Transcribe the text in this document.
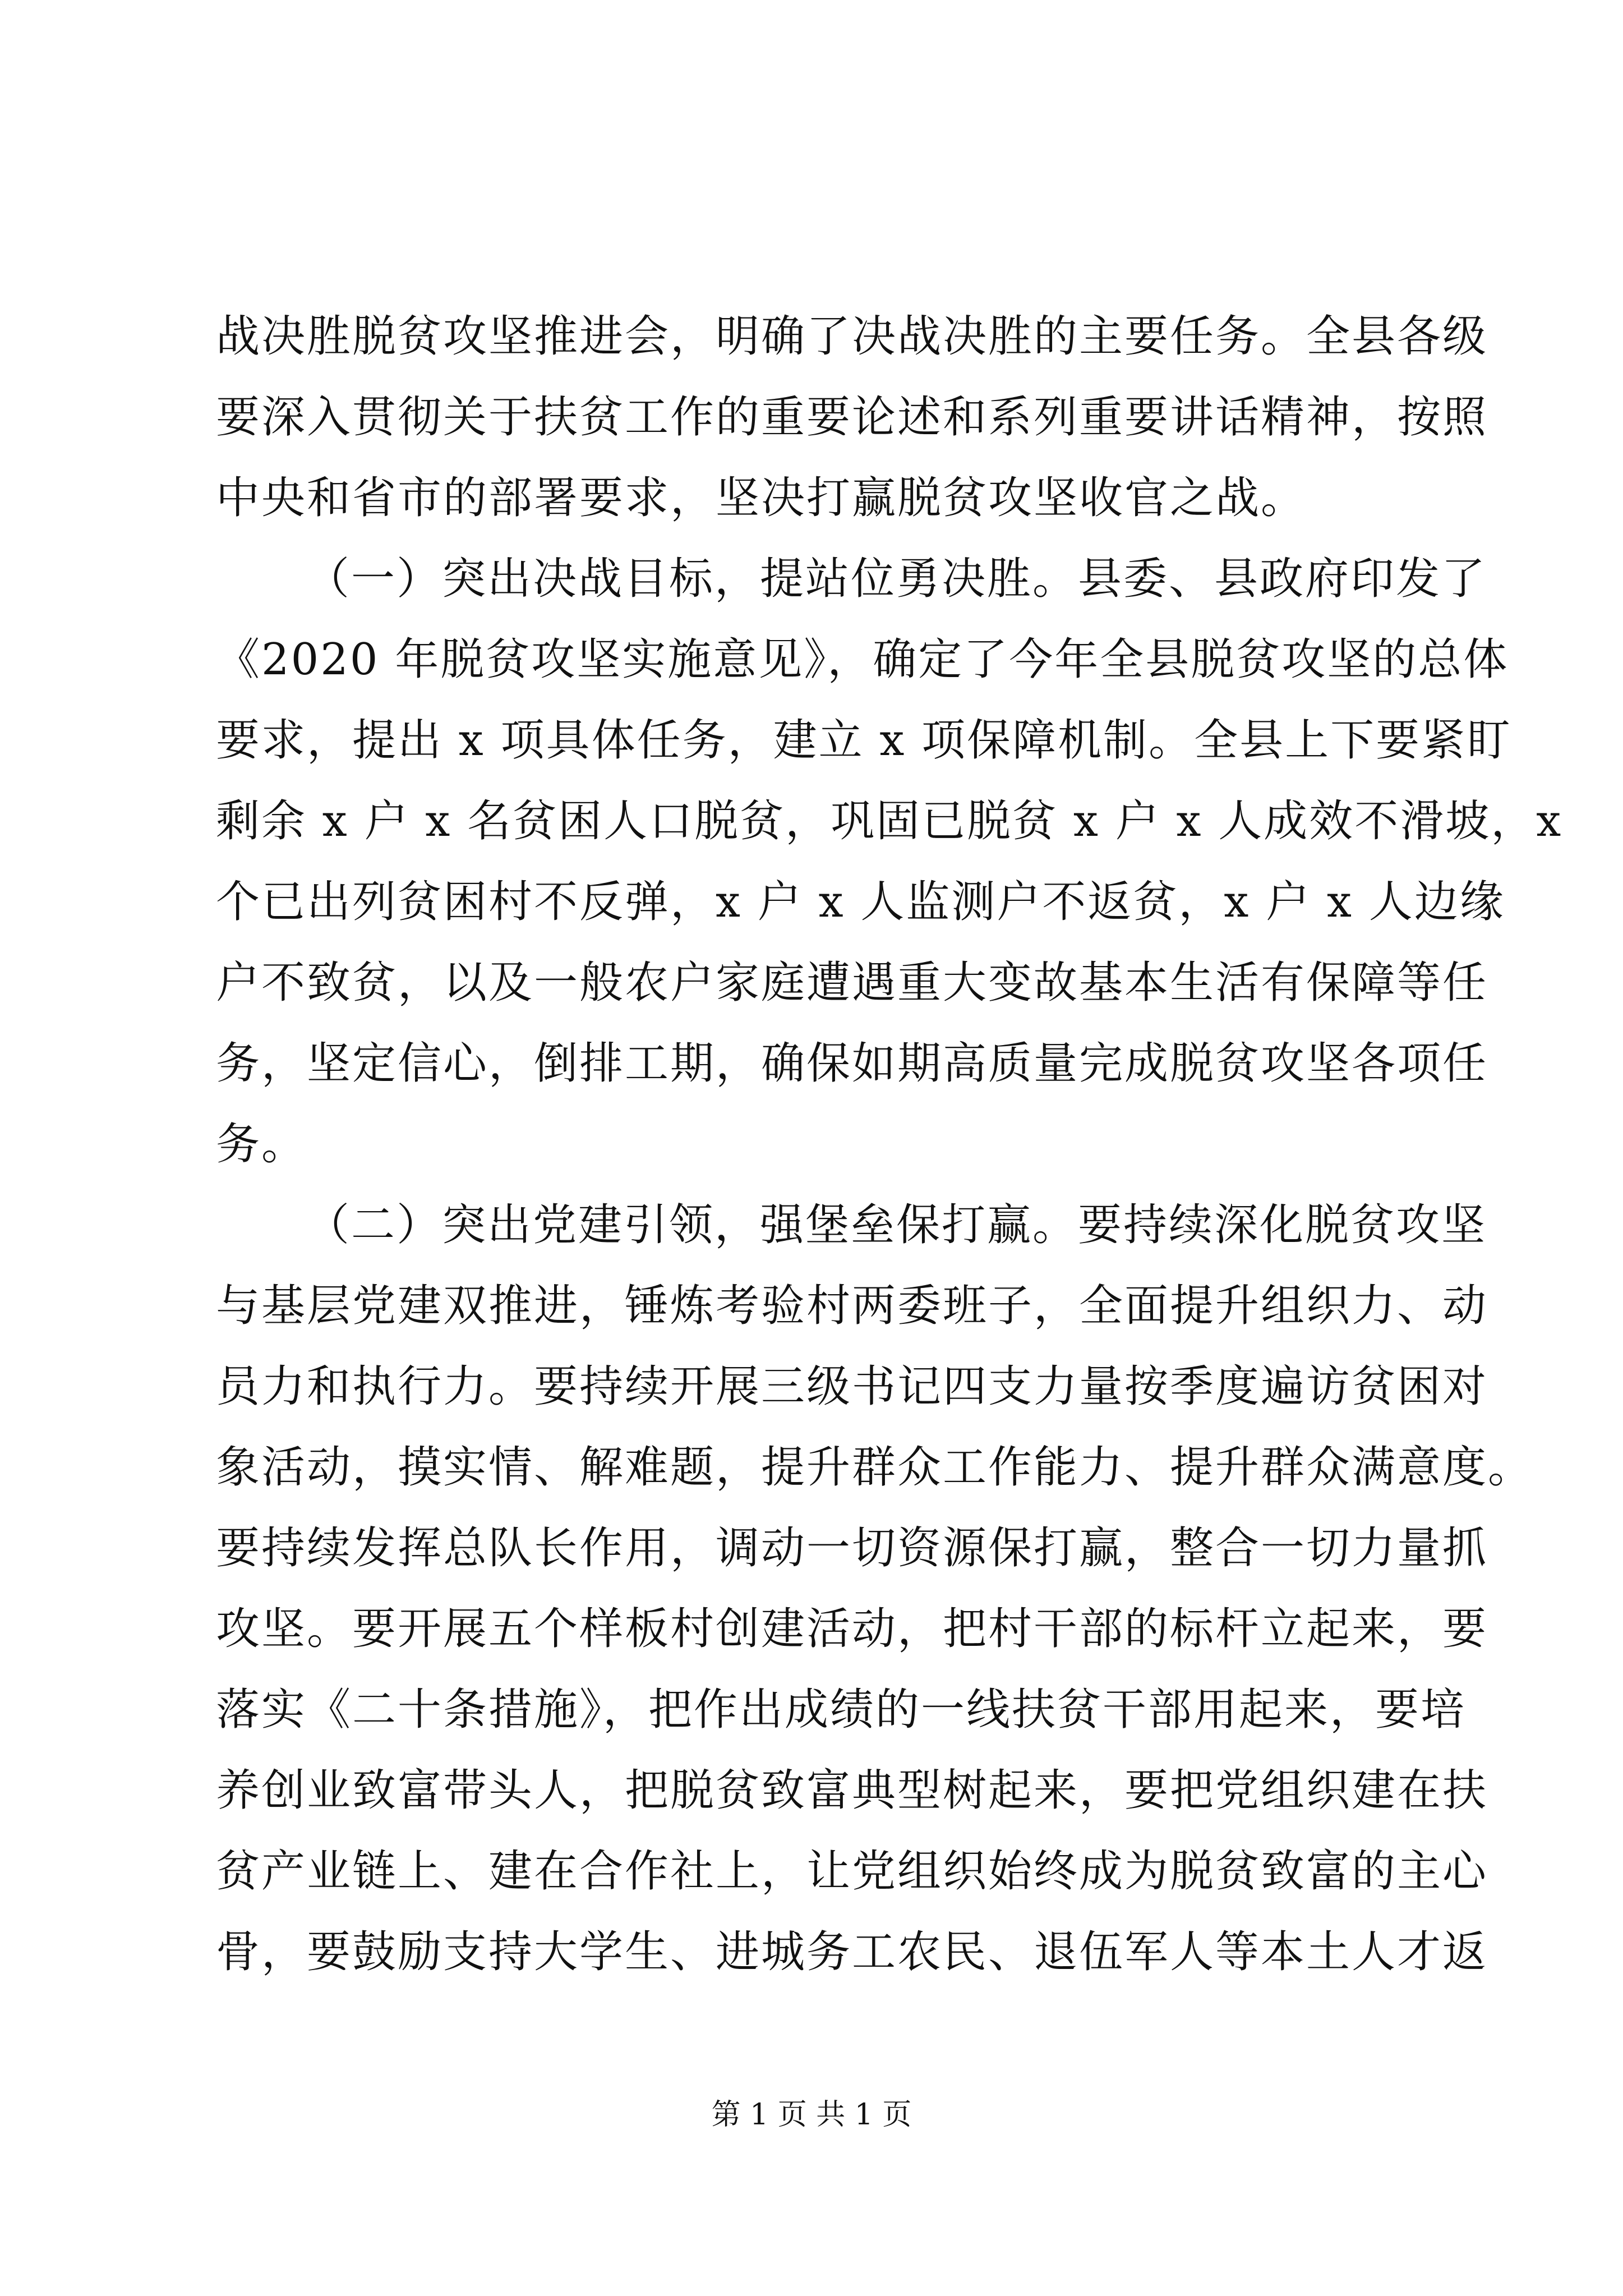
战决胜脱贫攻坚推进会，明确了决战决胜的主要任务。全县各级
要深入贯彻关于扶贫工作的重要论述和系列重要讲话精神，按照
中央和省市的部署要求，坚决打赢脱贫攻坚收官之战。
（一）突出决战目标，提站位勇决胜。县委、县政府印发了
《2020 年脱贫攻坚实施意见》，确定了今年全县脱贫攻坚的总体
要求，提出 x 项具体任务，建立 x 项保障机制。全县上下要紧盯
剩余 x 户 x 名贫困人口脱贫，巩固已脱贫 x 户 x 人成效不滑坡，x
个已出列贫困村不反弹，x 户 x 人监测户不返贫，x 户 x 人边缘
户不致贫，以及一般农户家庭遭遇重大变故基本生活有保障等任
务，坚定信心，倒排工期，确保如期高质量完成脱贫攻坚各项任
务。
（二）突出党建引领，强堡垒保打赢。要持续深化脱贫攻坚
与基层党建双推进，锤炼考验村两委班子，全面提升组织力、动
员力和执行力。要持续开展三级书记四支力量按季度遍访贫困对
象活动，摸实情、解难题，提升群众工作能力、提升群众满意度。
要持续发挥总队长作用，调动一切资源保打赢，整合一切力量抓
攻坚。要开展五个样板村创建活动，把村干部的标杆立起来，要
落实《二十条措施》，把作出成绩的一线扶贫干部用起来，要培
养创业致富带头人，把脱贫致富典型树起来，要把党组织建在扶
贫产业链上、建在合作社上，让党组织始终成为脱贫致富的主心
骨，要鼓励支持大学生、进城务工农民、退伍军人等本土人才返
第 1 页 共 1 页
